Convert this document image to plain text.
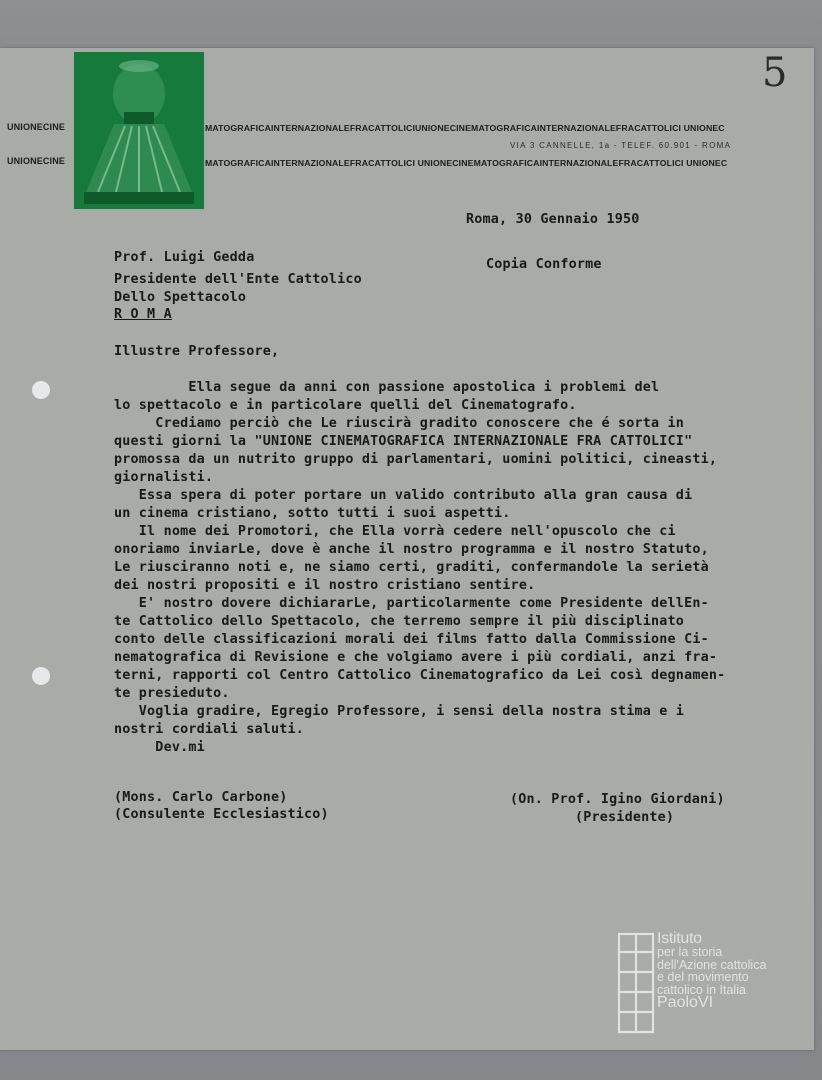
5
UNIONECINE	MATOGRAFICAINTERNAZIONALEFRACATTOLICIUNIONECINEMATOGRAFICAINTERNAZIONALEFRACATTOLICI UNIONEC
UNIONECINE	MATOGRAFICAINTERNAZIONALEFRACATTOLICI UNIONECINEMATOGRAFICAINTERNAZIONALEFRACATTOLICI UNIONEC
VIA 3 CANNELLE, 1a - TELEF. 60.901 - ROMA
Roma, 30 Gennaio 1950
Copia Conforme
Prof. Luigi Gedda
Presidente dell'Ente Cattolico
Dello Spettacolo
R O M A
Illustre Professore,
Ella segue da anni con passione apostolica i problemi del
lo spettacolo e in particolare quelli del Cinematografo.
Crediamo perciò che Le riuscirà gradito conoscere che é sorta in
questi giorni la "UNIONE CINEMATOGRAFICA INTERNAZIONALE FRA CATTOLICI"
promossa da un nutrito gruppo di parlamentari, uomini politici, cineasti,
giornalisti.
Essa spera di poter portare un valido contributo alla gran causa di
un cinema cristiano, sotto tutti i suoi aspetti.
Il nome dei Promotori, che Ella vorrà cedere nell'opuscolo che ci
onoriamo inviarLe, dove è anche il nostro programma e il nostro Statuto,
Le riusciranno noti e, ne siamo certi, graditi, confermandole la serietà
dei nostri propositi e il nostro cristiano sentire.
E' nostro dovere dichiararLe, particolarmente come Presidente dellEn-
te Cattolico dello Spettacolo, che terremo sempre il più disciplinato
conto delle classificazioni morali dei films fatto dalla Commissione Ci-
nematografica di Revisione e che volgiamo avere i più cordiali, anzi fra-
terni, rapporti col Centro Cattolico Cinematografico da Lei così degnamen-
te presieduto.
Voglia gradire, Egregio Professore, i sensi della nostra stima e i
nostri cordiali saluti.
Dev.mi
(Mons. Carlo Carbone)
(Consulente Ecclesiastico)
(On. Prof. Igino Giordani)
(Presidente)
Istituto
per la storia
dell'Azione cattolica
e del movimento
cattolico in Italia
PaoloVI
